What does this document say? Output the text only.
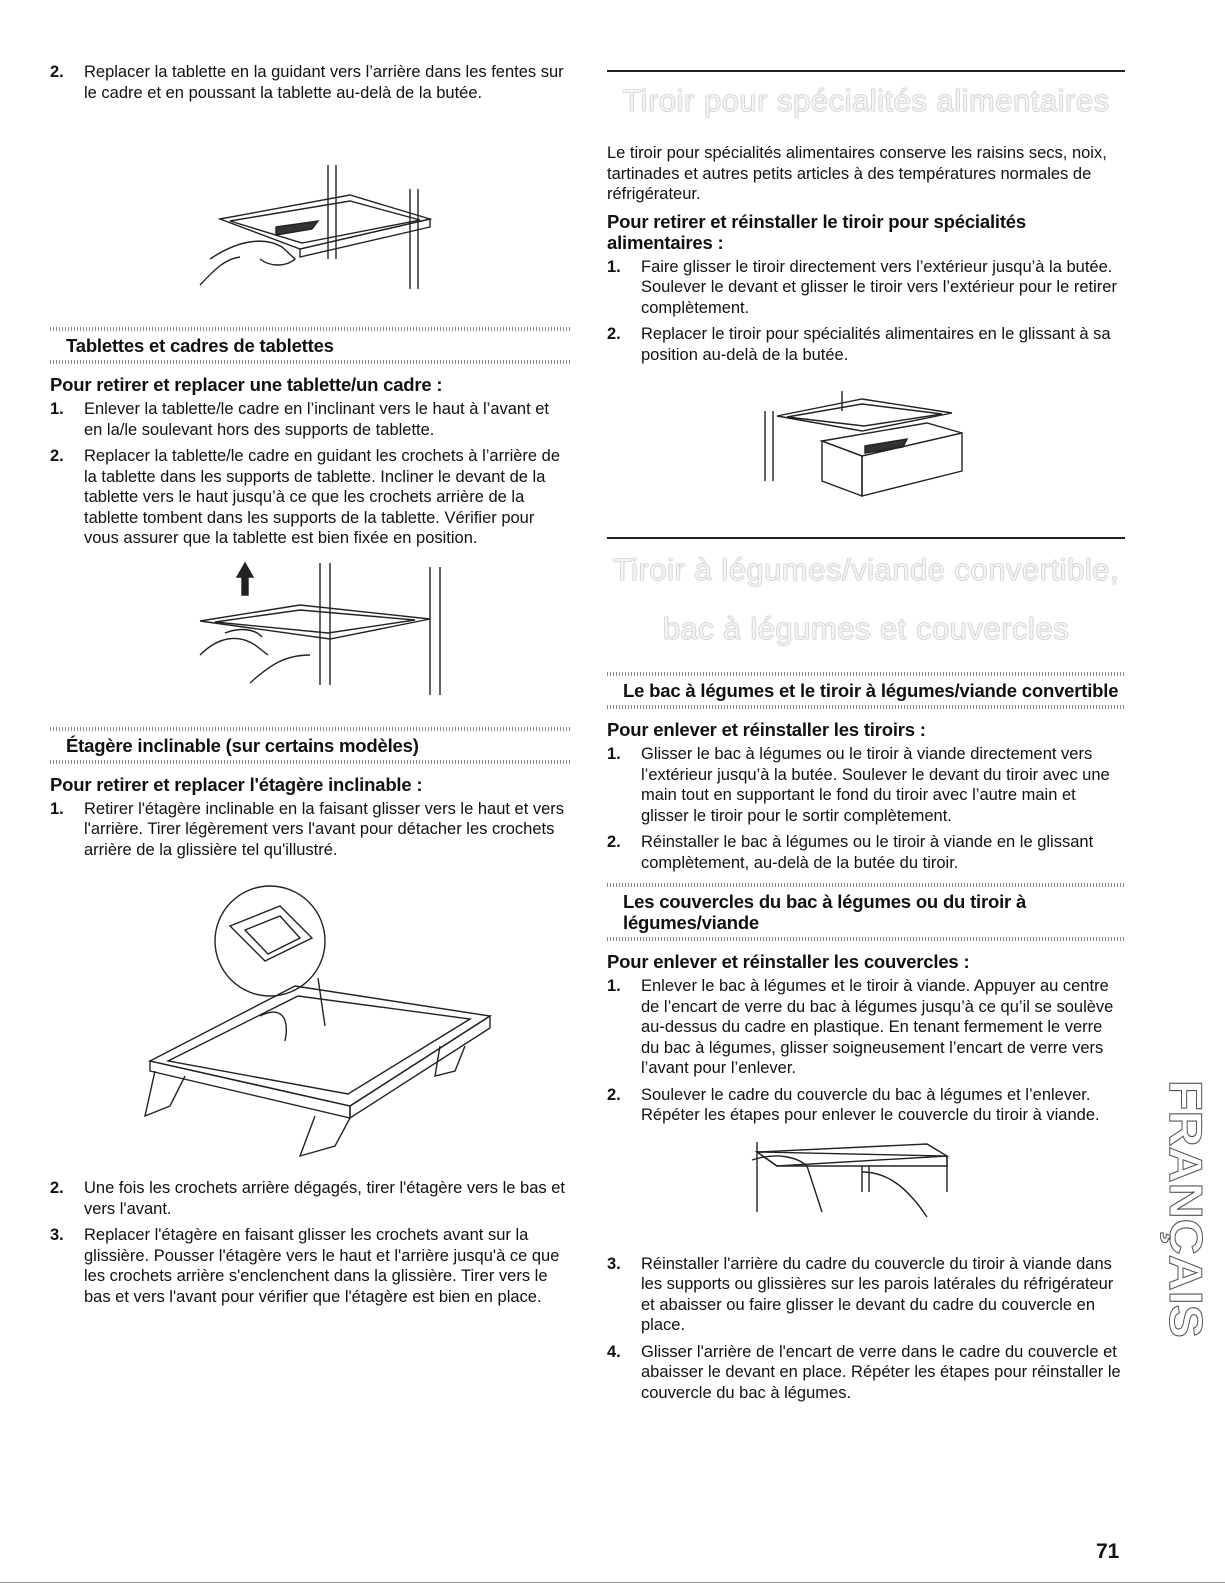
2. Replacer la tablette en la guidant vers l’arrière dans les fentes sur le cadre et en poussant la tablette au-delà de la butée.
Tablettes et cadres de tablettes
Pour retirer et replacer une tablette/un cadre :
1. Enlever la tablette/le cadre en l’inclinant vers le haut à l’avant et en la/le soulevant hors des supports de tablette.
2. Replacer la tablette/le cadre en guidant les crochets à l’arrière de la tablette dans les supports de tablette. Incliner le devant de la tablette vers le haut jusqu’à ce que les crochets arrière de la tablette tombent dans les supports de la tablette. Vérifier pour vous assurer que la tablette est bien fixée en position.
Étagère inclinable (sur certains modèles)
Pour retirer et replacer l'étagère inclinable :
1. Retirer l'étagère inclinable en la faisant glisser vers le haut et vers l'arrière. Tirer légèrement vers l'avant pour détacher les crochets arrière de la glissière tel qu'illustré.
2. Une fois les crochets arrière dégagés, tirer l'étagère vers le bas et vers l'avant.
3. Replacer l'étagère en faisant glisser les crochets avant sur la glissière. Pousser l'étagère vers le haut et l'arrière jusqu'à ce que les crochets arrière s'enclenchent dans la glissière. Tirer vers le bas et vers l'avant pour vérifier que l'étagère est bien en place.
Tiroir pour spécialités alimentaires

Le tiroir pour spécialités alimentaires conserve les raisins secs, noix, tartinades et autres petits articles à des températures normales de réfrigérateur.

Pour retirer et réinstaller le tiroir pour spécialités alimentaires :
1. Faire glisser le tiroir directement vers l’extérieur jusqu’à la butée. Soulever le devant et glisser le tiroir vers l’extérieur pour le retirer complètement.
2. Replacer le tiroir pour spécialités alimentaires en le glissant à sa position au-delà de la butée.
Tiroir à légumes/viande convertible,
bac à légumes et couvercles
Le bac à légumes et le tiroir à légumes/viande convertible
Pour enlever et réinstaller les tiroirs :
1. Glisser le bac à légumes ou le tiroir à viande directement vers l’extérieur jusqu’à la butée. Soulever le devant du tiroir avec une main tout en supportant le fond du tiroir avec l’autre main et glisser le tiroir pour le sortir complètement.
2. Réinstaller le bac à légumes ou le tiroir à viande en le glissant complètement, au-delà de la butée du tiroir.
Les couvercles du bac à légumes ou du tiroir à légumes/viande
Pour enlever et réinstaller les couvercles :
1. Enlever le bac à légumes et le tiroir à viande. Appuyer au centre de l’encart de verre du bac à légumes jusqu’à ce qu’il se soulève au-dessus du cadre en plastique. En tenant fermement le verre du bac à légumes, glisser soigneusement l’encart de verre vers l’avant pour l’enlever.
2. Soulever le cadre du couvercle du bac à légumes et l’enlever. Répéter les étapes pour enlever le couvercle du tiroir à viande.
3. Réinstaller l'arrière du cadre du couvercle du tiroir à viande dans les supports ou glissières sur les parois latérales du réfrigérateur et abaisser ou faire glisser le devant du cadre du couvercle en place.
4. Glisser l'arrière de l'encart de verre dans le cadre du couvercle et abaisser le devant en place. Répéter les étapes pour réinstaller le couvercle du bac à légumes.
FRANÇAIS
71
